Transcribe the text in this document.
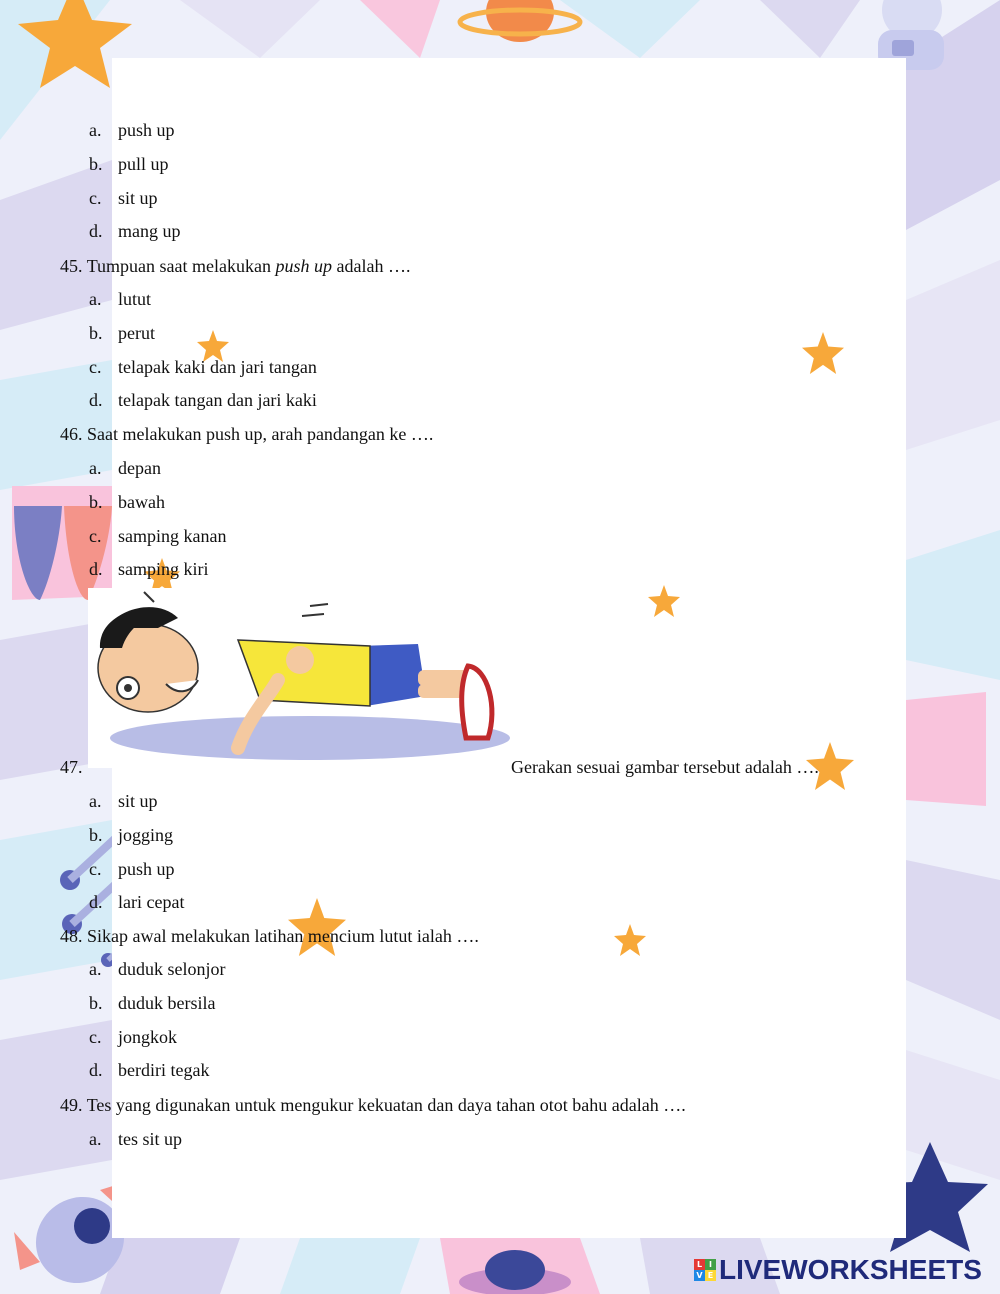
a. push up
b. pull up
c. sit up
d. mang up
45. Tumpuan saat melakukan push up adalah ….
a. lutut
b. perut
c. telapak kaki dan jari tangan
d. telapak tangan dan jari kaki
46. Saat melakukan push up, arah pandangan ke ….
a. depan
b. bawah
c. samping kanan
d. samping kiri
47.	Gerakan sesuai gambar tersebut adalah ….
a. sit up
b. jogging
c. push up
d. lari cepat
48. Sikap awal melakukan latihan mencium lutut ialah ….
a. duduk selonjor
b. duduk bersila
c. jongkok
d. berdiri tegak
49. Tes yang digunakan untuk mengukur kekuatan dan daya tahan otot bahu adalah ….
a. tes sit up
L I
V E LIVEWORKSHEETS
